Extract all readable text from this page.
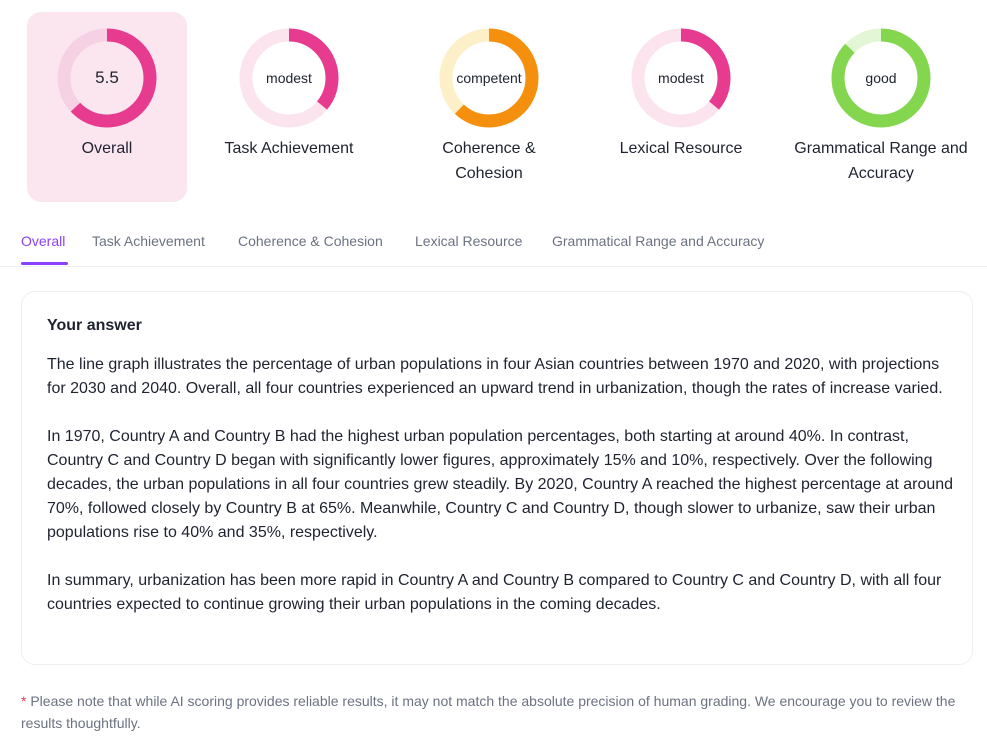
5.5
Overall
modest
Task Achievement
competent
Coherence & Cohesion
modest
Lexical Resource
good
Grammatical Range and Accuracy
Overall Task Achievement Coherence & Cohesion Lexical Resource Grammatical Range and Accuracy
Your answer

The line graph illustrates the percentage of urban populations in four Asian countries between 1970 and 2020, with projections for 2030 and 2040. Overall, all four countries experienced an upward trend in urbanization, though the rates of increase varied.

In 1970, Country A and Country B had the highest urban population percentages, both starting at around 40%. In contrast, Country C and Country D began with significantly lower figures, approximately 15% and 10%, respectively. Over the following decades, the urban populations in all four countries grew steadily. By 2020, Country A reached the highest percentage at around 70%, followed closely by Country B at 65%. Meanwhile, Country C and Country D, though slower to urbanize, saw their urban populations rise to 40% and 35%, respectively.

In summary, urbanization has been more rapid in Country A and Country B compared to Country C and Country D, with all four countries expected to continue growing their urban populations in the coming decades.

* Please note that while AI scoring provides reliable results, it may not match the absolute precision of human grading. We encourage you to review the results thoughtfully.
